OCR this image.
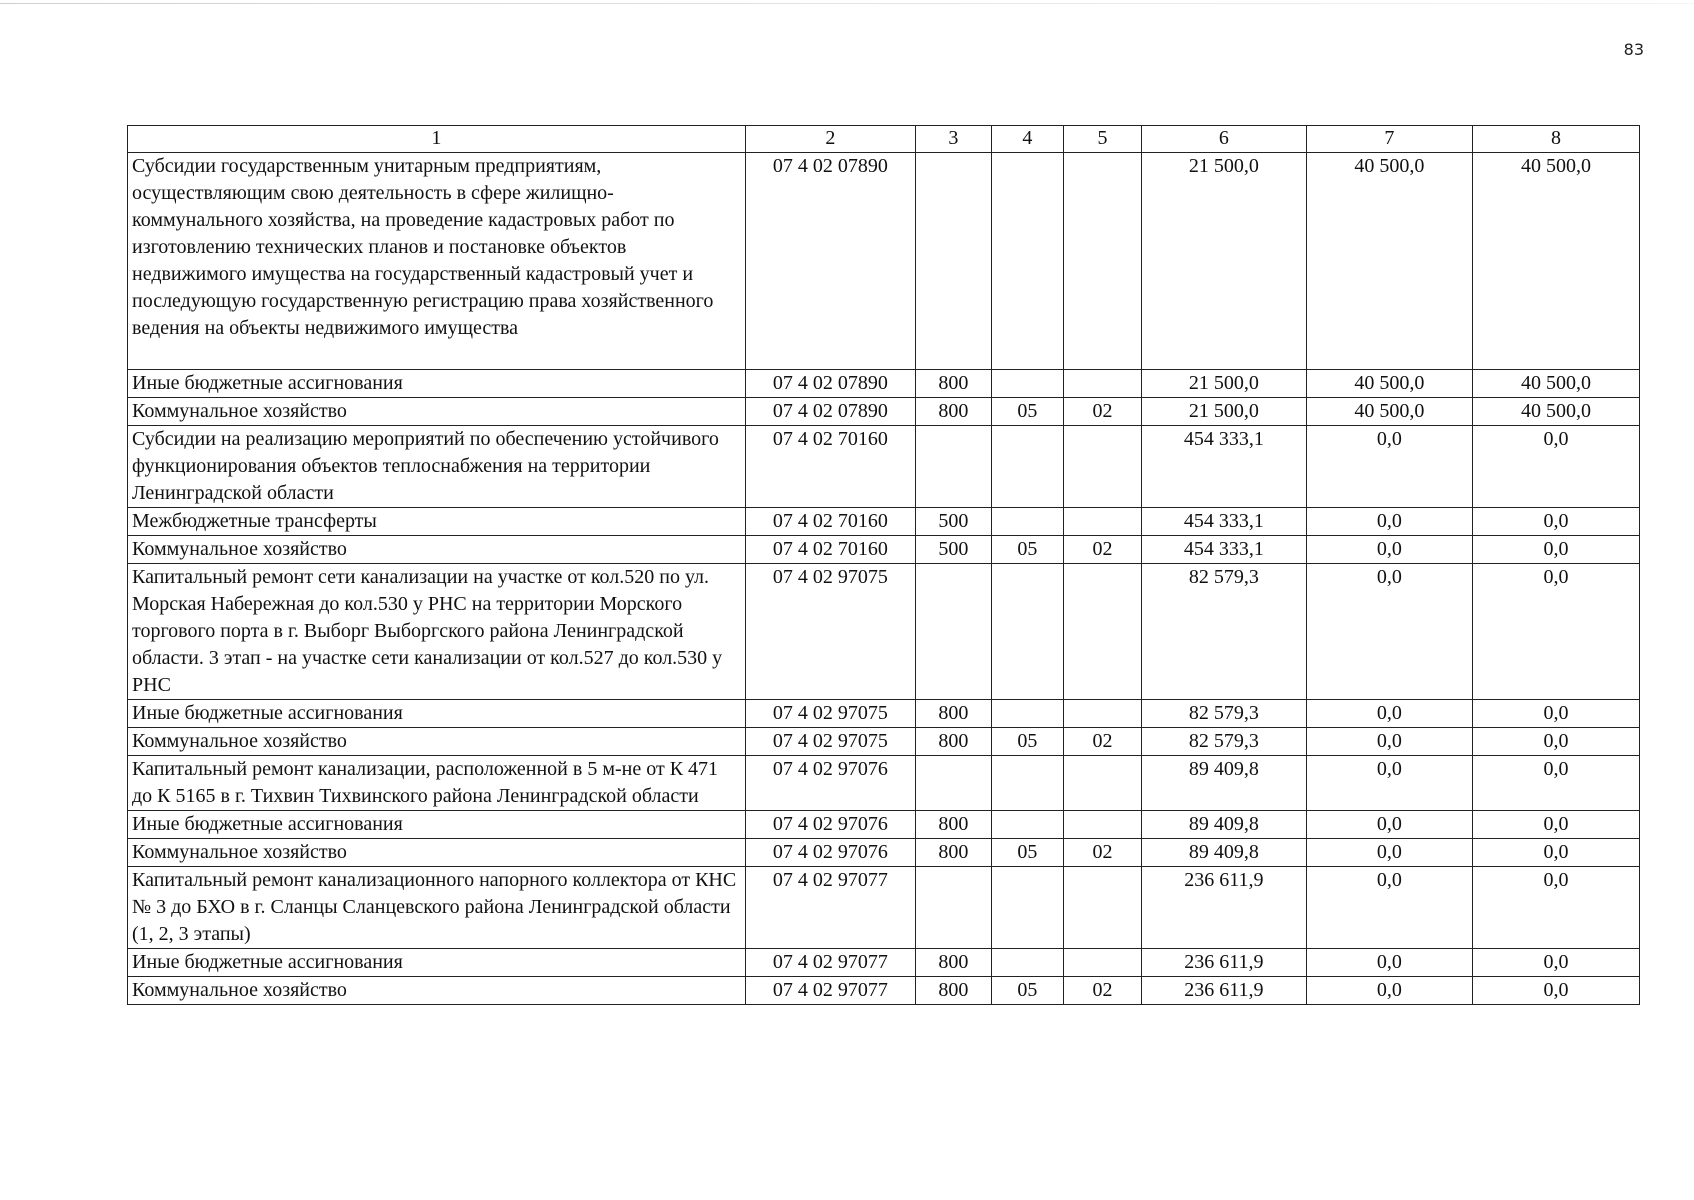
83
1	2	3	4	5	6	7	8
Субсидии государственным унитарным предприятиям, осуществляющим свою деятельность в сфере жилищно-коммунального хозяйства, на проведение кадастровых работ по изготовлению технических планов и постановке объектов недвижимого имущества на государственный кадастровый учет и последующую государственную регистрацию права хозяйственного ведения на объекты недвижимого имущества	07 4 02 07890				21 500,0	40 500,0	40 500,0
Иные бюджетные ассигнования	07 4 02 07890	800			21 500,0	40 500,0	40 500,0
Коммунальное хозяйство	07 4 02 07890	800	05	02	21 500,0	40 500,0	40 500,0
Субсидии на реализацию мероприятий по обеспечению устойчивого функционирования объектов теплоснабжения на территории Ленинградской области	07 4 02 70160				454 333,1	0,0	0,0
Межбюджетные трансферты	07 4 02 70160	500			454 333,1	0,0	0,0
Коммунальное хозяйство	07 4 02 70160	500	05	02	454 333,1	0,0	0,0
Капитальный ремонт сети канализации на участке от кол.520 по ул. Морская Набережная до кол.530 у РНС на территории Морского торгового порта в г. Выборг Выборгского района Ленинградской области. 3 этап - на участке сети канализации от кол.527 до кол.530 у РНС	07 4 02 97075				82 579,3	0,0	0,0
Иные бюджетные ассигнования	07 4 02 97075	800			82 579,3	0,0	0,0
Коммунальное хозяйство	07 4 02 97075	800	05	02	82 579,3	0,0	0,0
Капитальный ремонт канализации, расположенной в 5 м-не от К 471 до К 5165 в г. Тихвин Тихвинского района Ленинградской области	07 4 02 97076				89 409,8	0,0	0,0
Иные бюджетные ассигнования	07 4 02 97076	800			89 409,8	0,0	0,0
Коммунальное хозяйство	07 4 02 97076	800	05	02	89 409,8	0,0	0,0
Капитальный ремонт канализационного напорного коллектора от КНС № 3 до БХО в г. Сланцы Сланцевского района Ленинградской области (1, 2, 3 этапы)	07 4 02 97077				236 611,9	0,0	0,0
Иные бюджетные ассигнования	07 4 02 97077	800			236 611,9	0,0	0,0
Коммунальное хозяйство	07 4 02 97077	800	05	02	236 611,9	0,0	0,0
